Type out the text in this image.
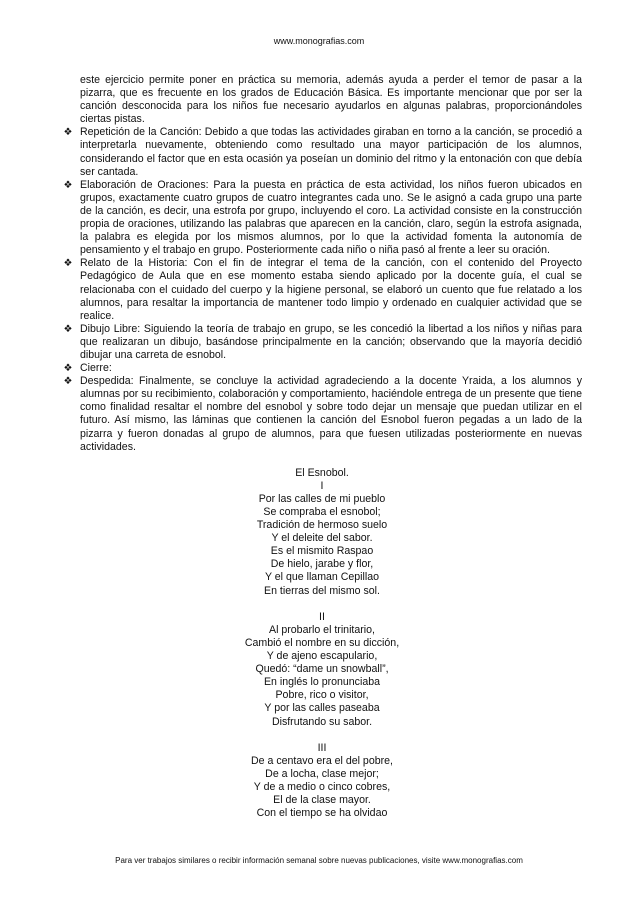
www.monografias.com

este ejercicio permite poner en práctica su memoria, además ayuda a perder el temor de pasar a la pizarra, que es frecuente en los grados de Educación Básica. Es importante mencionar que por ser la canción desconocida para los niños fue necesario ayudarlos en algunas palabras, proporcionándoles ciertas pistas.

❖ Repetición de la Canción: Debido a que todas las actividades giraban en torno a la canción, se procedió a interpretarla nuevamente, obteniendo como resultado una mayor participación de los alumnos, considerando el factor que en esta ocasión ya poseían un dominio del ritmo y la entonación con que debía ser cantada.

❖ Elaboración de Oraciones: Para la puesta en práctica de esta actividad, los niños fueron ubicados en grupos, exactamente cuatro grupos de cuatro integrantes cada uno. Se le asignó a cada grupo una parte de la canción, es decir, una estrofa por grupo, incluyendo el coro. La actividad consiste en la construcción propia de oraciones, utilizando las palabras que aparecen en la canción, claro, según la estrofa asignada, la palabra es elegida por los mismos alumnos, por lo que la actividad fomenta la autonomía de pensamiento y el trabajo en grupo. Posteriormente cada niño o niña pasó al frente a leer su oración.

❖ Relato de la Historia: Con el fin de integrar el tema de la canción, con el contenido del Proyecto Pedagógico de Aula que en ese momento estaba siendo aplicado por la docente guía, el cual se relacionaba con el cuidado del cuerpo y la higiene personal, se elaboró un cuento que fue relatado a los alumnos, para resaltar la importancia de mantener todo limpio y ordenado en cualquier actividad que se realice.

❖ Dibujo Libre: Siguiendo la teoría de trabajo en grupo, se les concedió la libertad a los niños y niñas para que realizaran un dibujo, basándose principalmente en la canción; observando que la mayoría decidió dibujar una carreta de esnobol.

❖ Cierre:

❖ Despedida: Finalmente, se concluye la actividad agradeciendo a la docente Yraida, a los alumnos y alumnas por su recibimiento, colaboración y comportamiento, haciéndole entrega de un presente que tiene como finalidad resaltar el nombre del esnobol y sobre todo dejar un mensaje que puedan utilizar en el futuro. Así mismo, las láminas que contienen la canción del Esnobol fueron pegadas a un lado de la pizarra y fueron donadas al grupo de alumnos, para que fuesen utilizadas posteriormente en nuevas actividades.

El Esnobol.
I
Por las calles de mi pueblo
Se compraba el esnobol;
Tradición de hermoso suelo
Y el deleite del sabor.
Es el mismito Raspao
De hielo, jarabe y flor,
Y el que llaman Cepillao
En tierras del mismo sol.
II
Al probarlo el trinitario,
Cambió el nombre en su dicción,
Y de ajeno escapulario,
Quedó: “dame un snowball”,
En inglés lo pronunciaba
Pobre, rico o visitor,
Y por las calles paseaba
Disfrutando su sabor.
III
De a centavo era el del pobre,
De a locha, clase mejor;
Y de a medio o cinco cobres,
El de la clase mayor.
Con el tiempo se ha olvidao
Para ver trabajos similares o recibir información semanal sobre nuevas publicaciones, visite www.monografias.com
